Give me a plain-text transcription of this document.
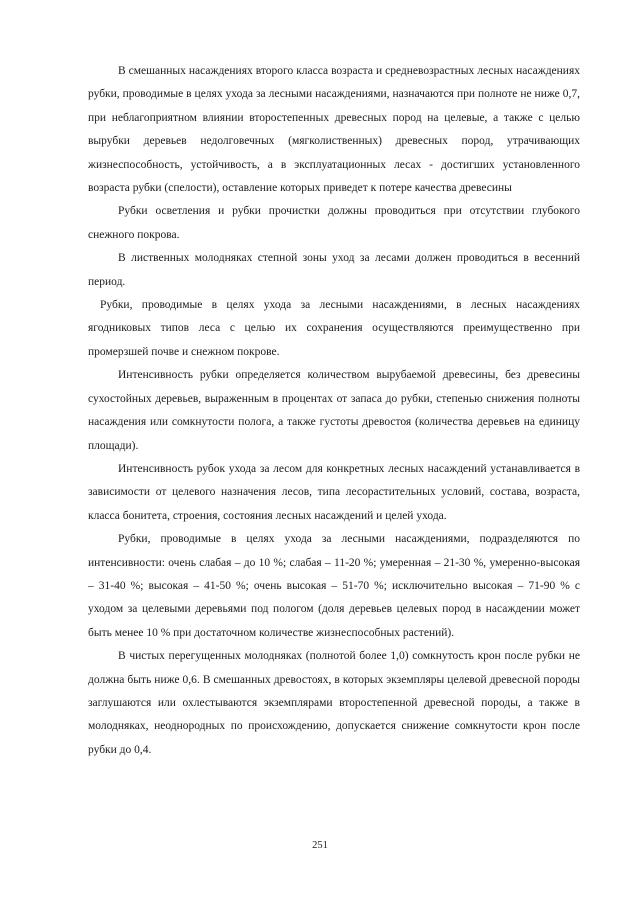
В смешанных насаждениях второго класса возраста и средневозрастных лесных насаждениях рубки, проводимые в целях ухода за лесными насаждениями, назначаются при полноте не ниже 0,7, при неблагоприятном влиянии второстепенных древесных пород на целевые, а также с целью вырубки деревьев недолговечных (мягколиственных) древесных пород, утрачивающих жизнеспособность, устойчивость, а в эксплуатационных лесах - достигших установленного возраста рубки (спелости), оставление которых приведет к потере качества древесины

Рубки осветления и рубки прочистки должны проводиться при отсутствии глубокого снежного покрова.

В лиственных молодняках степной зоны уход за лесами должен проводиться в весенний период.

Рубки, проводимые в целях ухода за лесными насаждениями, в лесных насаждениях ягодниковых типов леса с целью их сохранения осуществляются преимущественно при промерзшей почве и снежном покрове.

Интенсивность рубки определяется количеством вырубаемой древесины, без древесины сухостойных деревьев, выраженным в процентах от запаса до рубки, степенью снижения полноты насаждения или сомкнутости полога, а также густоты древостоя (количества деревьев на единицу площади).

Интенсивность рубок ухода за лесом для конкретных лесных насаждений устанавливается в зависимости от целевого назначения лесов, типа лесорастительных условий, состава, возраста, класса бонитета, строения, состояния лесных насаждений и целей ухода.

Рубки, проводимые в целях ухода за лесными насаждениями, подразделяются по интенсивности: очень слабая – до 10 %; слабая – 11-20 %; умеренная – 21-30 %, умеренно-высокая – 31-40 %; высокая – 41-50 %; очень высокая – 51-70 %; исключительно высокая – 71-90 % с уходом за целевыми деревьями под пологом (доля деревьев целевых пород в насаждении может быть менее 10 % при достаточном количестве жизнеспособных растений).

В чистых перегущенных молодняках (полнотой более 1,0) сомкнутость крон после рубки не должна быть ниже 0,6. В смешанных древостоях, в которых экземпляры целевой древесной породы заглушаются или охлестываются экземплярами второстепенной древесной породы, а также в молодняках, неоднородных по происхождению, допускается снижение сомкнутости крон после рубки до 0,4.

251
